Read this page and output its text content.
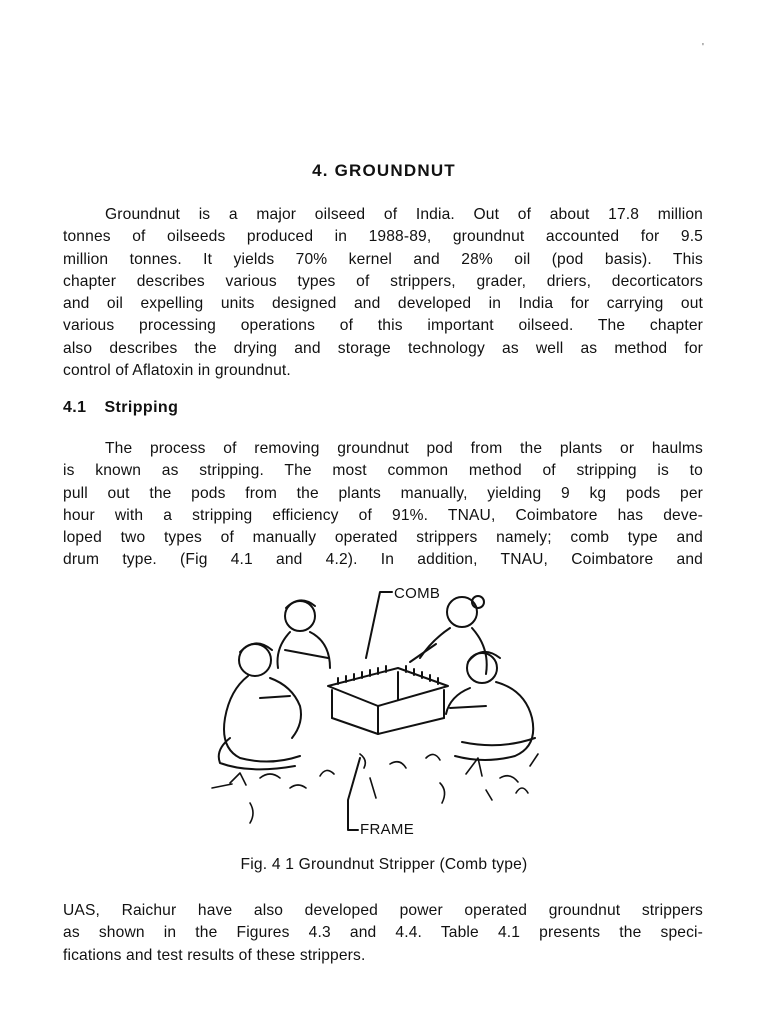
'
4. GROUNDNUT
Groundnut is a major oilseed of India. Out of about 17.8 million
tonnes of oilseeds produced in 1988-89, groundnut accounted for 9.5
million tonnes. It yields 70% kernel and 28% oil (pod basis). This
chapter describes various types of strippers, grader, driers, decorticators
and oil expelling units designed and developed in India for carrying out
various processing operations of this important oilseed. The chapter
also describes the drying and storage technology as well as method for
control of Aflatoxin in groundnut.
4.1 Stripping
The process of removing groundnut pod from the plants or haulms
is known as stripping. The most common method of stripping is to
pull out the pods from the plants manually, yielding 9 kg pods per
hour with a stripping efficiency of 91%. TNAU, Coimbatore has deve-
loped two types of manually operated strippers namely; comb type and
drum type. (Fig 4.1 and 4.2). In addition, TNAU, Coimbatore and
COMB
FRAME
Fig. 4 1 Groundnut Stripper (Comb type)
UAS, Raichur have also developed power operated groundnut strippers
as shown in the Figures 4.3 and 4.4. Table 4.1 presents the speci-
fications and test results of these strippers.
